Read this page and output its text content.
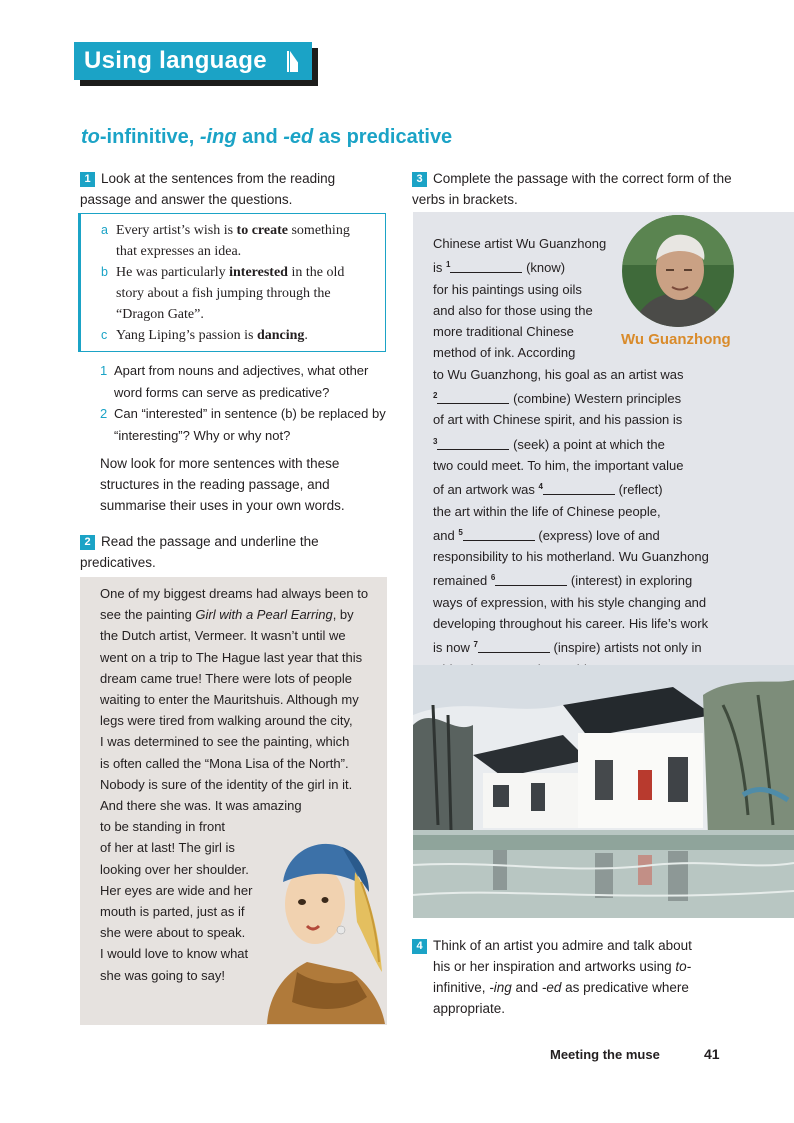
Using language
to-infinitive, -ing and -ed as predicative
1 Look at the sentences from the reading passage and answer the questions.
a Every artist’s wish is to create something that expresses an idea.
b He was particularly interested in the old story about a fish jumping through the “Dragon Gate”.
c Yang Liping’s passion is dancing.
1 Apart from nouns and adjectives, what other word forms can serve as predicative?
2 Can “interested” in sentence (b) be replaced by “interesting”? Why or why not?
Now look for more sentences with these structures in the reading passage, and summarise their uses in your own words.
2 Read the passage and underline the predicatives.
One of my biggest dreams had always been to
see the painting Girl with a Pearl Earring, by
the Dutch artist, Vermeer. It wasn’t until we
went on a trip to The Hague last year that this
dream came true! There were lots of people
waiting to enter the Mauritshuis. Although my
legs were tired from walking around the city,
I was determined to see the painting, which
is often called the “Mona Lisa of the North”.
Nobody is sure of the identity of the girl in it.
And there she was. It was amazing
to be standing in front
of her at last! The girl is
looking over her shoulder.
Her eyes are wide and her
mouth is parted, just as if
she were about to speak.
I would love to know what
she was going to say!
3 Complete the passage with the correct form of the verbs in brackets.
Wu Guanzhong
Chinese artist Wu Guanzhong
is $^1$	(know)
for his paintings using oils
and also for those using the
more traditional Chinese
method of ink. According
to Wu Guanzhong, his goal as an artist was
$^2$	(combine) Western principles
of art with Chinese spirit, and his passion is
$^3$	(seek) a point at which the
two could meet. To him, the important value
of an artwork was $^4$	(reflect)
the art within the life of Chinese people,
and $^5$	(express) love of and
responsibility to his motherland. Wu Guanzhong
remained $^6$	(interest) in exploring
ways of expression, with his style changing and
developing throughout his career. His life’s work
is now $^7$	(inspire) artists not only in
4 Think of an artist you admire and talk about
his or her inspiration and artworks using to-
infinitive, -ing and -ed as predicative where
appropriate.
Meeting the muse	41
